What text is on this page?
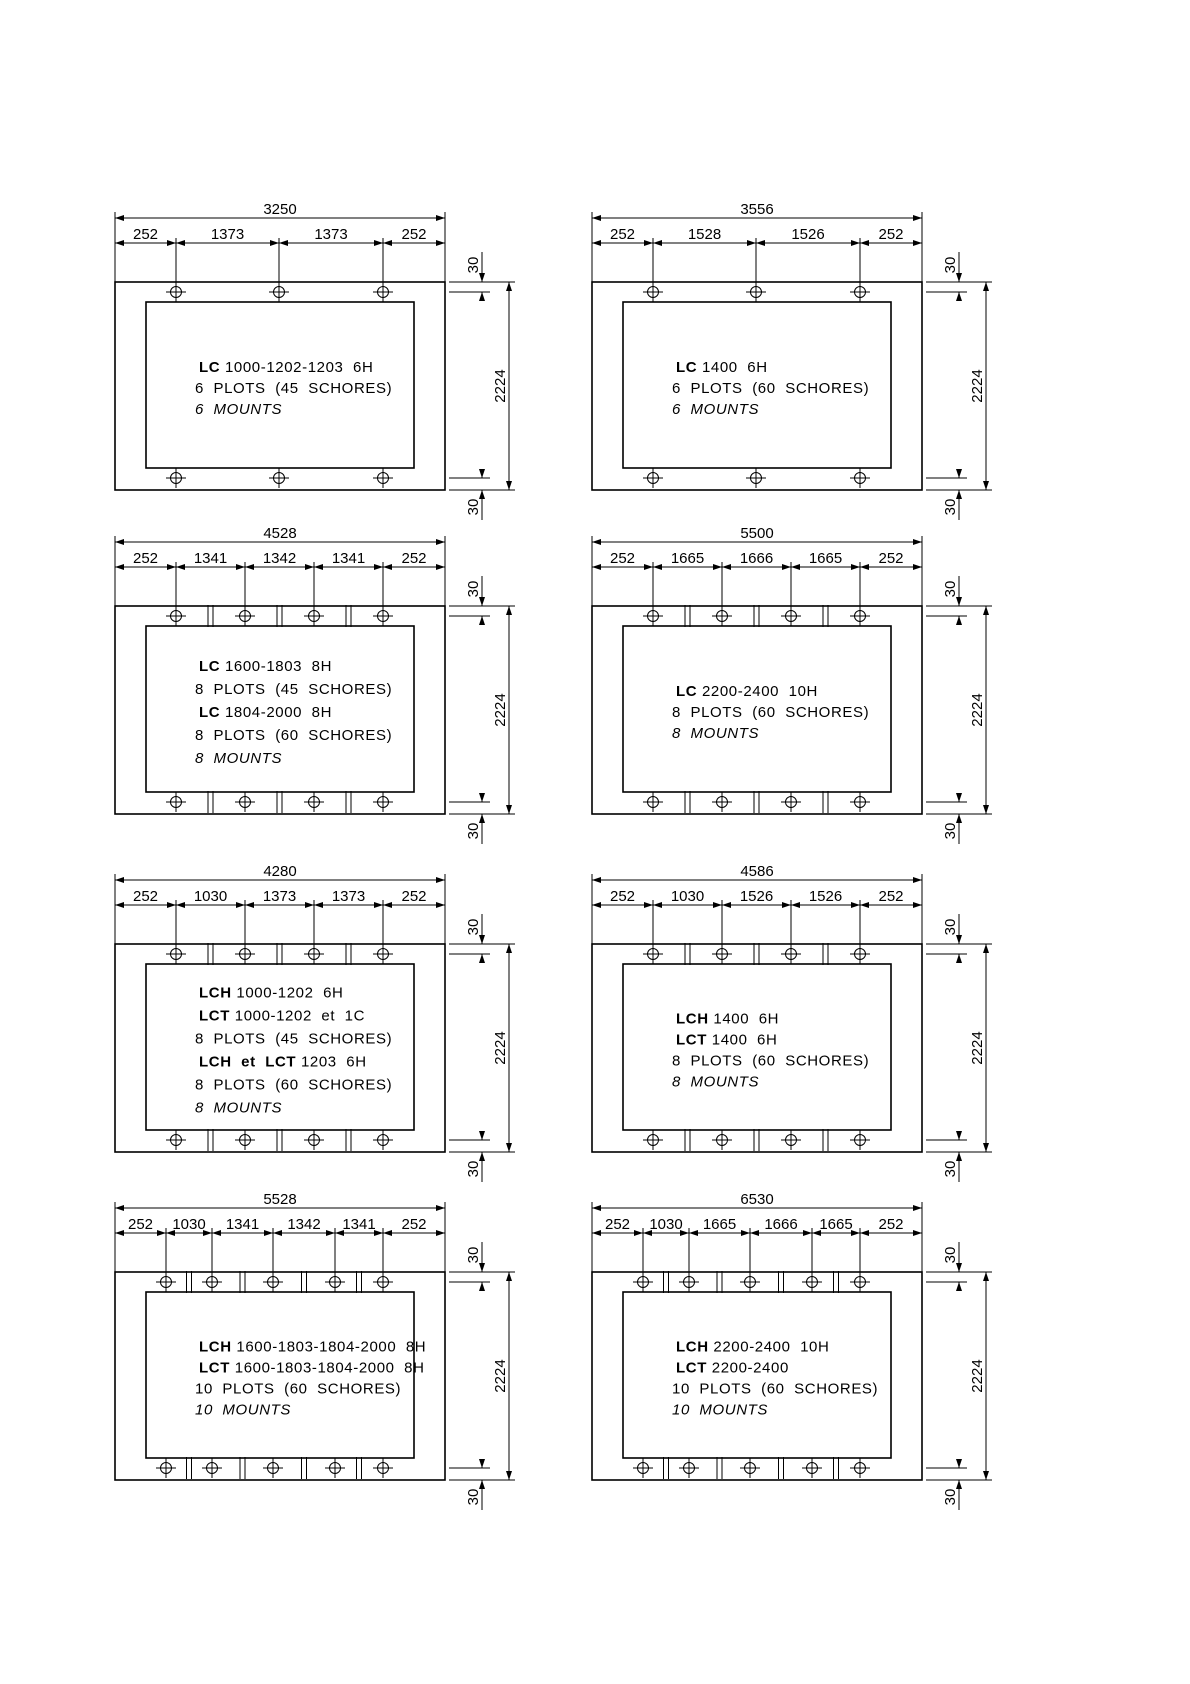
3250
252	1373	1373	252
2224
30
30
LC 1000-1202-1203  6H
6  PLOTS  (45  SCHORES)
6  MOUNTS
3556
252	1528	1526	252
2224
30
30
LC 1400  6H
6  PLOTS  (60  SCHORES)
6  MOUNTS
4528
252 1341 1342 1341 252
2224
30
30
LC 1600-1803  8H
8  PLOTS  (45  SCHORES)
LC 1804-2000  8H
8  PLOTS  (60  SCHORES)
8  MOUNTS
5500
252 1665 1666 1665 252
2224
30
30
LC 2200-2400  10H
8  PLOTS  (60  SCHORES)
8  MOUNTS
4280
252 1030 1373 1373 252
2224
30
30
LCH 1000-1202  6H
LCT 1000-1202  et  1C
8  PLOTS  (45  SCHORES)
LCH  et  LCT 1203  6H
8  PLOTS  (60  SCHORES)
8  MOUNTS
4586
252 1030 1526 1526 252
2224
30
30
LCH 1400  6H
LCT 1400  6H
8  PLOTS  (60  SCHORES)
8  MOUNTS
5528
252 1030 1341 1342 1341 252
2224
30
30
LCH 1600-1803-1804-2000  8H
LCT 1600-1803-1804-2000  8H
10  PLOTS  (60  SCHORES)
10  MOUNTS
6530
252 1030 1665 1666 1665 252
2224
30
30
LCH 2200-2400  10H
LCT 2200-2400
10  PLOTS  (60  SCHORES)
10  MOUNTS
